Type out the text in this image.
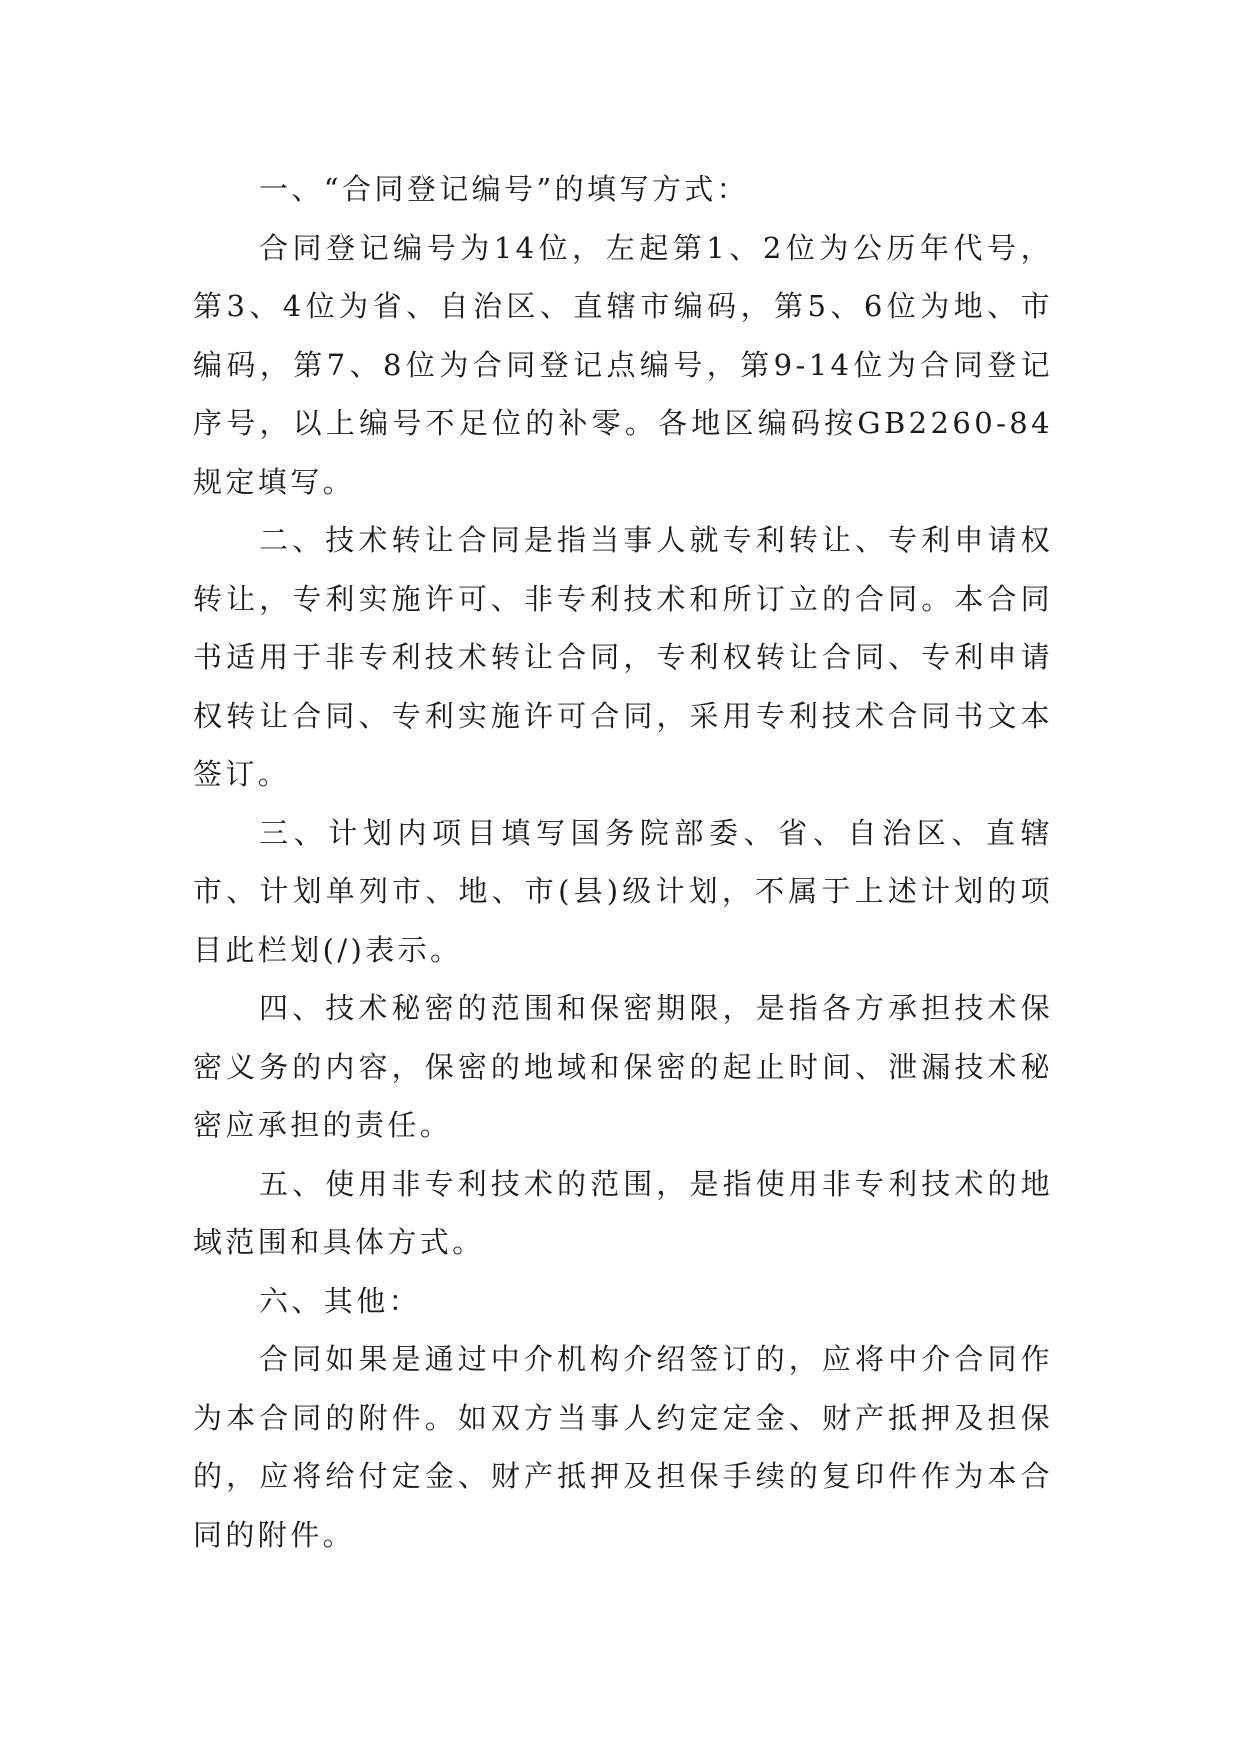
一、“合同登记编号”的填写方式：

合同登记编号为14位，左起第1、2位为公历年代号，第3、4位为省、自治区、直辖市编码，第5、6位为地、市编码，第7、8位为合同登记点编号，第9-14位为合同登记序号，以上编号不足位的补零。各地区编码按GB2260-84规定填写。

二、技术转让合同是指当事人就专利转让、专利申请权转让，专利实施许可、非专利技术和所订立的合同。本合同书适用于非专利技术转让合同，专利权转让合同、专利申请权转让合同、专利实施许可合同，采用专利技术合同书文本签订。

三、计划内项目填写国务院部委、省、自治区、直辖市、计划单列市、地、市(县)级计划，不属于上述计划的项目此栏划(/)表示。

四、技术秘密的范围和保密期限，是指各方承担技术保密义务的内容，保密的地域和保密的起止时间、泄漏技术秘密应承担的责任。

五、使用非专利技术的范围，是指使用非专利技术的地域范围和具体方式。

六、其他：

合同如果是通过中介机构介绍签订的，应将中介合同作为本合同的附件。如双方当事人约定定金、财产抵押及担保的，应将给付定金、财产抵押及担保手续的复印件作为本合同的附件。
